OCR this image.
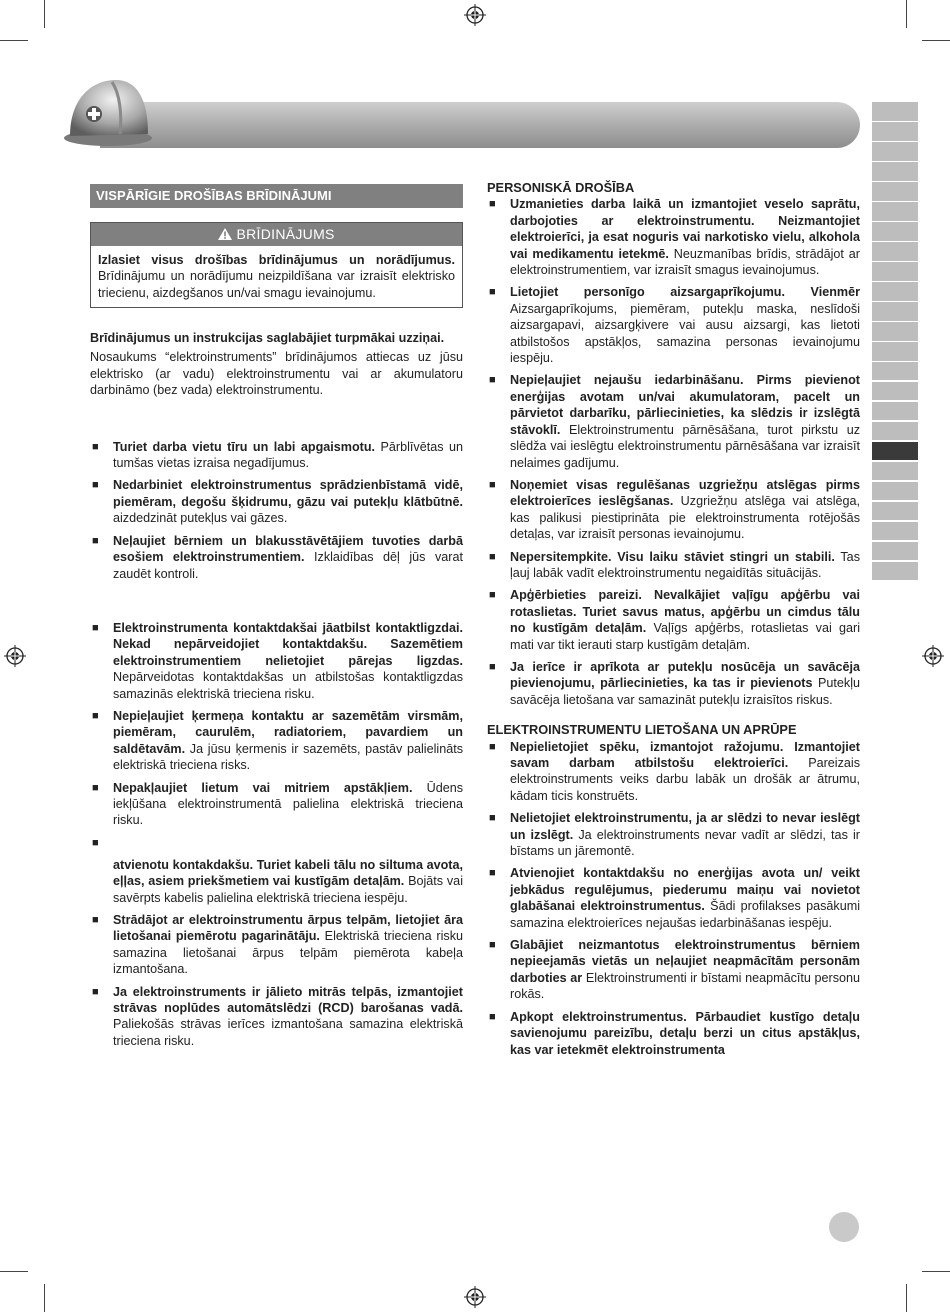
VISPĀRĪGIE DROŠĪBAS BRĪDINĀJUMI
BRĪDINĀJUMS
Izlasiet visus drošības brīdinājumus un norādījumus. Brīdinājumu un norādījumu neizpildīšana var izraisīt elektrisko triecienu, aizdegšanos un/vai smagu ievainojumu.

Brīdinājumus un instrukcijas saglabājiet turpmākai uzziņai.

Nosaukums “elektroinstruments” brīdinājumos attiecas uz jūsu elektrisko (ar vadu) elektroinstrumentu vai ar akumulatoru darbināmo (bez vada) elektroinstrumentu.

■ Turiet darba vietu tīru un labi apgaismotu. Pārblīvētas un tumšas vietas izraisa negadījumus.
■ Nedarbiniet elektroinstrumentus sprādzienbīstamā vidē, piemēram, degošu šķidrumu, gāzu vai putekļu klātbūtnē. aizdedzināt putekļus vai gāzes.
■ Neļaujiet bērniem un blakusstāvētājiem tuvoties darbā esošiem elektroinstrumentiem. Izklaidības dēļ jūs varat zaudēt kontroli.
■ Elektroinstrumenta kontaktdakšai jāatbilst kontaktligzdai. Nekad nepārveidojiet kontaktdakšu. Sazemētiem elektroinstrumentiem nelietojiet pārejas ligzdas. Nepārveidotas kontaktdakšas un atbilstošas kontaktligzdas samazinās elektriskā trieciena risku.
■ Nepieļaujiet ķermeņa kontaktu ar sazemētām virsmām, piemēram, caurulēm, radiatoriem, pavardiem un saldētavām. Ja jūsu ķermenis ir sazemēts, pastāv palielināts elektriskā trieciena risks.
■ Nepakļaujiet lietum vai mitriem apstākļiem. Ūdens iekļūšana elektroinstrumentā palielina elektriskā trieciena risku.
■
atvienotu kontakdakšu. Turiet kabeli tālu no siltuma avota, eļļas, asiem priekšmetiem vai kustīgām detaļām. Bojāts vai savērpts kabelis palielina elektriskā trieciena iespēju.
■ Strādājot ar elektroinstrumentu ārpus telpām, lietojiet āra lietošanai piemērotu pagarinātāju. Elektriskā trieciena risku samazina lietošanai ārpus telpām piemērota kabeļa izmantošana.
■ Ja elektroinstruments ir jālieto mitrās telpās, izmantojiet strāvas noplūdes automātslēdzi (RCD) barošanas vadā. Paliekošās strāvas ierīces izmantošana samazina elektriskā trieciena risku.

PERSONISKĀ DROŠĪBA

■ Uzmanieties darba laikā un izmantojiet veselo saprātu, darbojoties ar elektroinstrumentu. Neizmantojiet elektroierīci, ja esat noguris vai narkotisko vielu, alkohola vai medikamentu ietekmē. Neuzmanības brīdis, strādājot ar elektroinstrumentiem, var izraisīt smagus ievainojumus.
■ Lietojiet personīgo aizsargaprīkojumu. Vienmēr Aizsargaprīkojums, piemēram, putekļu maska, neslīdoši aizsargapavi, aizsargķivere vai ausu aizsargi, kas lietoti atbilstošos apstākļos, samazina personas ievainojumu iespēju.
■ Nepieļaujiet nejaušu iedarbināšanu. Pirms pievienot enerģijas avotam un/vai akumulatoram, pacelt un pārvietot darbarīku, pārliecinieties, ka slēdzis ir izslēgtā stāvoklī. Elektroinstrumentu pārnēsāšana, turot pirkstu uz slēdža vai ieslēgtu elektroinstrumentu pārnēsāšana var izraisīt nelaimes gadījumu.
■ Noņemiet visas regulēšanas uzgriežņu atslēgas pirms elektroierīces ieslēgšanas. Uzgriežņu atslēga vai atslēga, kas palikusi piestiprināta pie elektroinstrumenta rotējošās detaļas, var izraisīt personas ievainojumu.
■ Nepersitempkite. Visu laiku stāviet stingri un stabili. Tas ļauj labāk vadīt elektroinstrumentu negaidītās situācijās.
■ Apģērbieties pareizi. Nevalkājiet vaļīgu apģērbu vai rotaslietas. Turiet savus matus, apģērbu un cimdus tālu no kustīgām detaļām. Vaļīgs apģērbs, rotaslietas vai gari mati var tikt ierauti starp kustīgām detaļām.
■ Ja ierīce ir aprīkota ar putekļu nosūcēja un savācēja pievienojumu, pārliecinieties, ka tas ir pievienots Putekļu savācēja lietošana var samazināt putekļu izraisītos riskus.

ELEKTROINSTRUMENTU LIETOŠANA UN APRŪPE

■ Nepielietojiet spēku, izmantojot ražojumu. Izmantojiet savam darbam atbilstošu elektroierīci. Pareizais elektroinstruments veiks darbu labāk un drošāk ar ātrumu, kādam ticis konstruēts.
■ Nelietojiet elektroinstrumentu, ja ar slēdzi to nevar ieslēgt un izslēgt. Ja elektroinstruments nevar vadīt ar slēdzi, tas ir bīstams un jāremontē.
■ Atvienojiet kontaktdakšu no enerģijas avota un/ veikt jebkādus regulējumus, piederumu maiņu vai novietot glabāšanai elektroinstrumentus. Šādi profilakses pasākumi samazina elektroierīces nejaušas iedarbināšanas iespēju.
■ Glabājiet neizmantotus elektroinstrumentus bērniem nepieejamās vietās un neļaujiet neapmācītām personām darboties ar Elektroinstrumenti ir bīstami neapmācītu personu rokās.
■ Apkopt elektroinstrumentus. Pārbaudiet kustīgo detaļu savienojumu pareizību, detaļu berzi un citus apstākļus, kas var ietekmēt elektroinstrumenta
